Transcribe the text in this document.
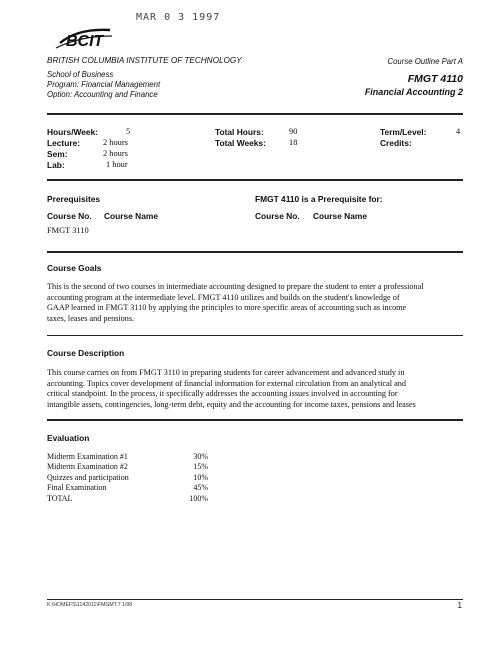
MAR 0 3 1997
BCIT
BRITISH COLUMBIA INSTITUTE OF TECHNOLOGY
School of Business
Program: Financial Management
Option: Accounting and Finance
Course Outline Part A
FMGT 4110
Financial Accounting 2
Hours/Week:	5
Lecture:	2 hours
Sem:	2 hours
Lab:	1 hour
Total Hours:	90
Total Weeks:	18
Term/Level:	4
Credits:
Prerequisites	FMGT 4110 is a Prerequisite for:
Course No. Course Name	Course No. Course Name
FMGT 3110
Course Goals
This is the second of two courses in intermediate accounting designed to prepare the student to enter a professional
accounting program at the intermediate level. FMGT 4110 utilizes and builds on the student's knowledge of
GAAP learned in FMGT 3110 by applying the principles to more specific areas of accounting such as income
taxes, leases and pensions.
Course Description
This course carries on from FMGT 3110 in preparing students for career advancement and advanced study in
accounting. Topics cover development of financial information for external circulation from an analytical and
critical standpoint. In the process, it specifically addresses the accounting issues involved in accounting for
intangible assets, contingencies, long-term debt, equity and the accounting for income taxes, pensions and leases
Evaluation
Midterm Examination #1	30%
Midterm Examination #2	15%
Quizzes and participation	10%
Final Examination	45%
TOTAL	100%
K:\HOMEFS\1142011\FMGMT.7 1/98	1
